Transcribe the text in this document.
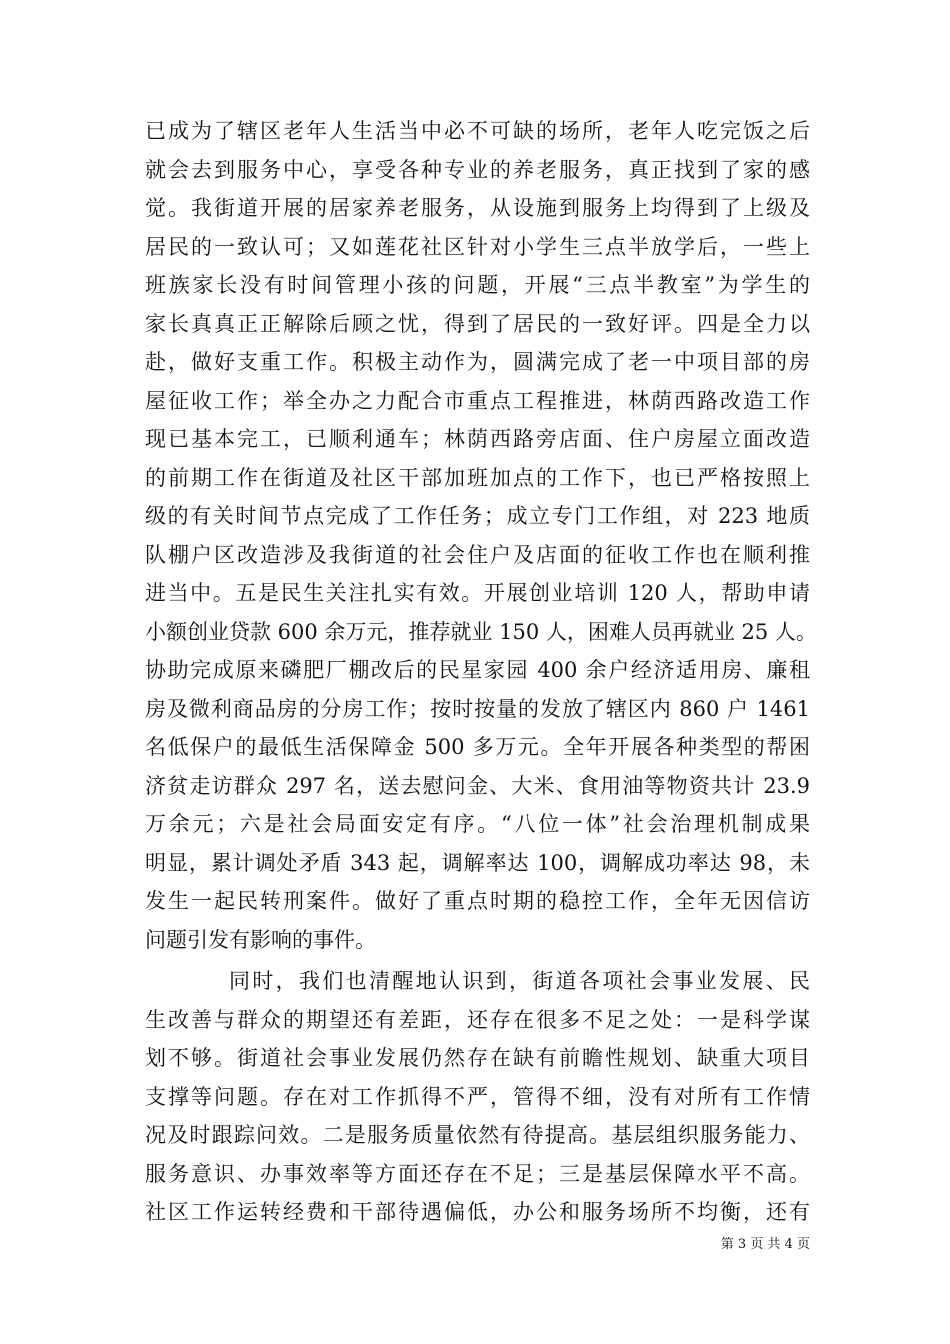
已成为了辖区老年人生活当中必不可缺的场所，老年人吃完饭之后
就会去到服务中心，享受各种专业的养老服务，真正找到了家的感
觉。我街道开展的居家养老服务，从设施到服务上均得到了上级及
居民的一致认可；又如莲花社区针对小学生三点半放学后，一些上
班族家长没有时间管理小孩的问题，开展“三点半教室”为学生的
家长真真正正解除后顾之忧，得到了居民的一致好评。四是全力以
赴，做好支重工作。积极主动作为，圆满完成了老一中项目部的房
屋征收工作；举全办之力配合市重点工程推进，林荫西路改造工作
现已基本完工，已顺利通车；林荫西路旁店面、住户房屋立面改造
的前期工作在街道及社区干部加班加点的工作下，也已严格按照上
级的有关时间节点完成了工作任务；成立专门工作组，对 223 地质
队棚户区改造涉及我街道的社会住户及店面的征收工作也在顺利推
进当中。五是民生关注扎实有效。开展创业培训 120 人，帮助申请
小额创业贷款 600 余万元，推荐就业 150 人，困难人员再就业 25 人。
协助完成原来磷肥厂棚改后的民星家园 400 余户经济适用房、廉租
房及微利商品房的分房工作；按时按量的发放了辖区内 860 户 1461
名低保户的最低生活保障金 500 多万元。全年开展各种类型的帮困
济贫走访群众 297 名，送去慰问金、大米、食用油等物资共计 23.9
万余元；六是社会局面安定有序。“八位一体”社会治理机制成果
明显，累计调处矛盾 343 起，调解率达 100，调解成功率达 98，未
发生一起民转刑案件。做好了重点时期的稳控工作，全年无因信访
问题引发有影响的事件。
同时，我们也清醒地认识到，街道各项社会事业发展、民
生改善与群众的期望还有差距，还存在很多不足之处：一是科学谋
划不够。街道社会事业发展仍然存在缺有前瞻性规划、缺重大项目
支撑等问题。存在对工作抓得不严，管得不细，没有对所有工作情
况及时跟踪问效。二是服务质量依然有待提高。基层组织服务能力、
服务意识、办事效率等方面还存在不足；三是基层保障水平不高。
社区工作运转经费和干部待遇偏低，办公和服务场所不均衡，还有
第 3 页 共 4 页
